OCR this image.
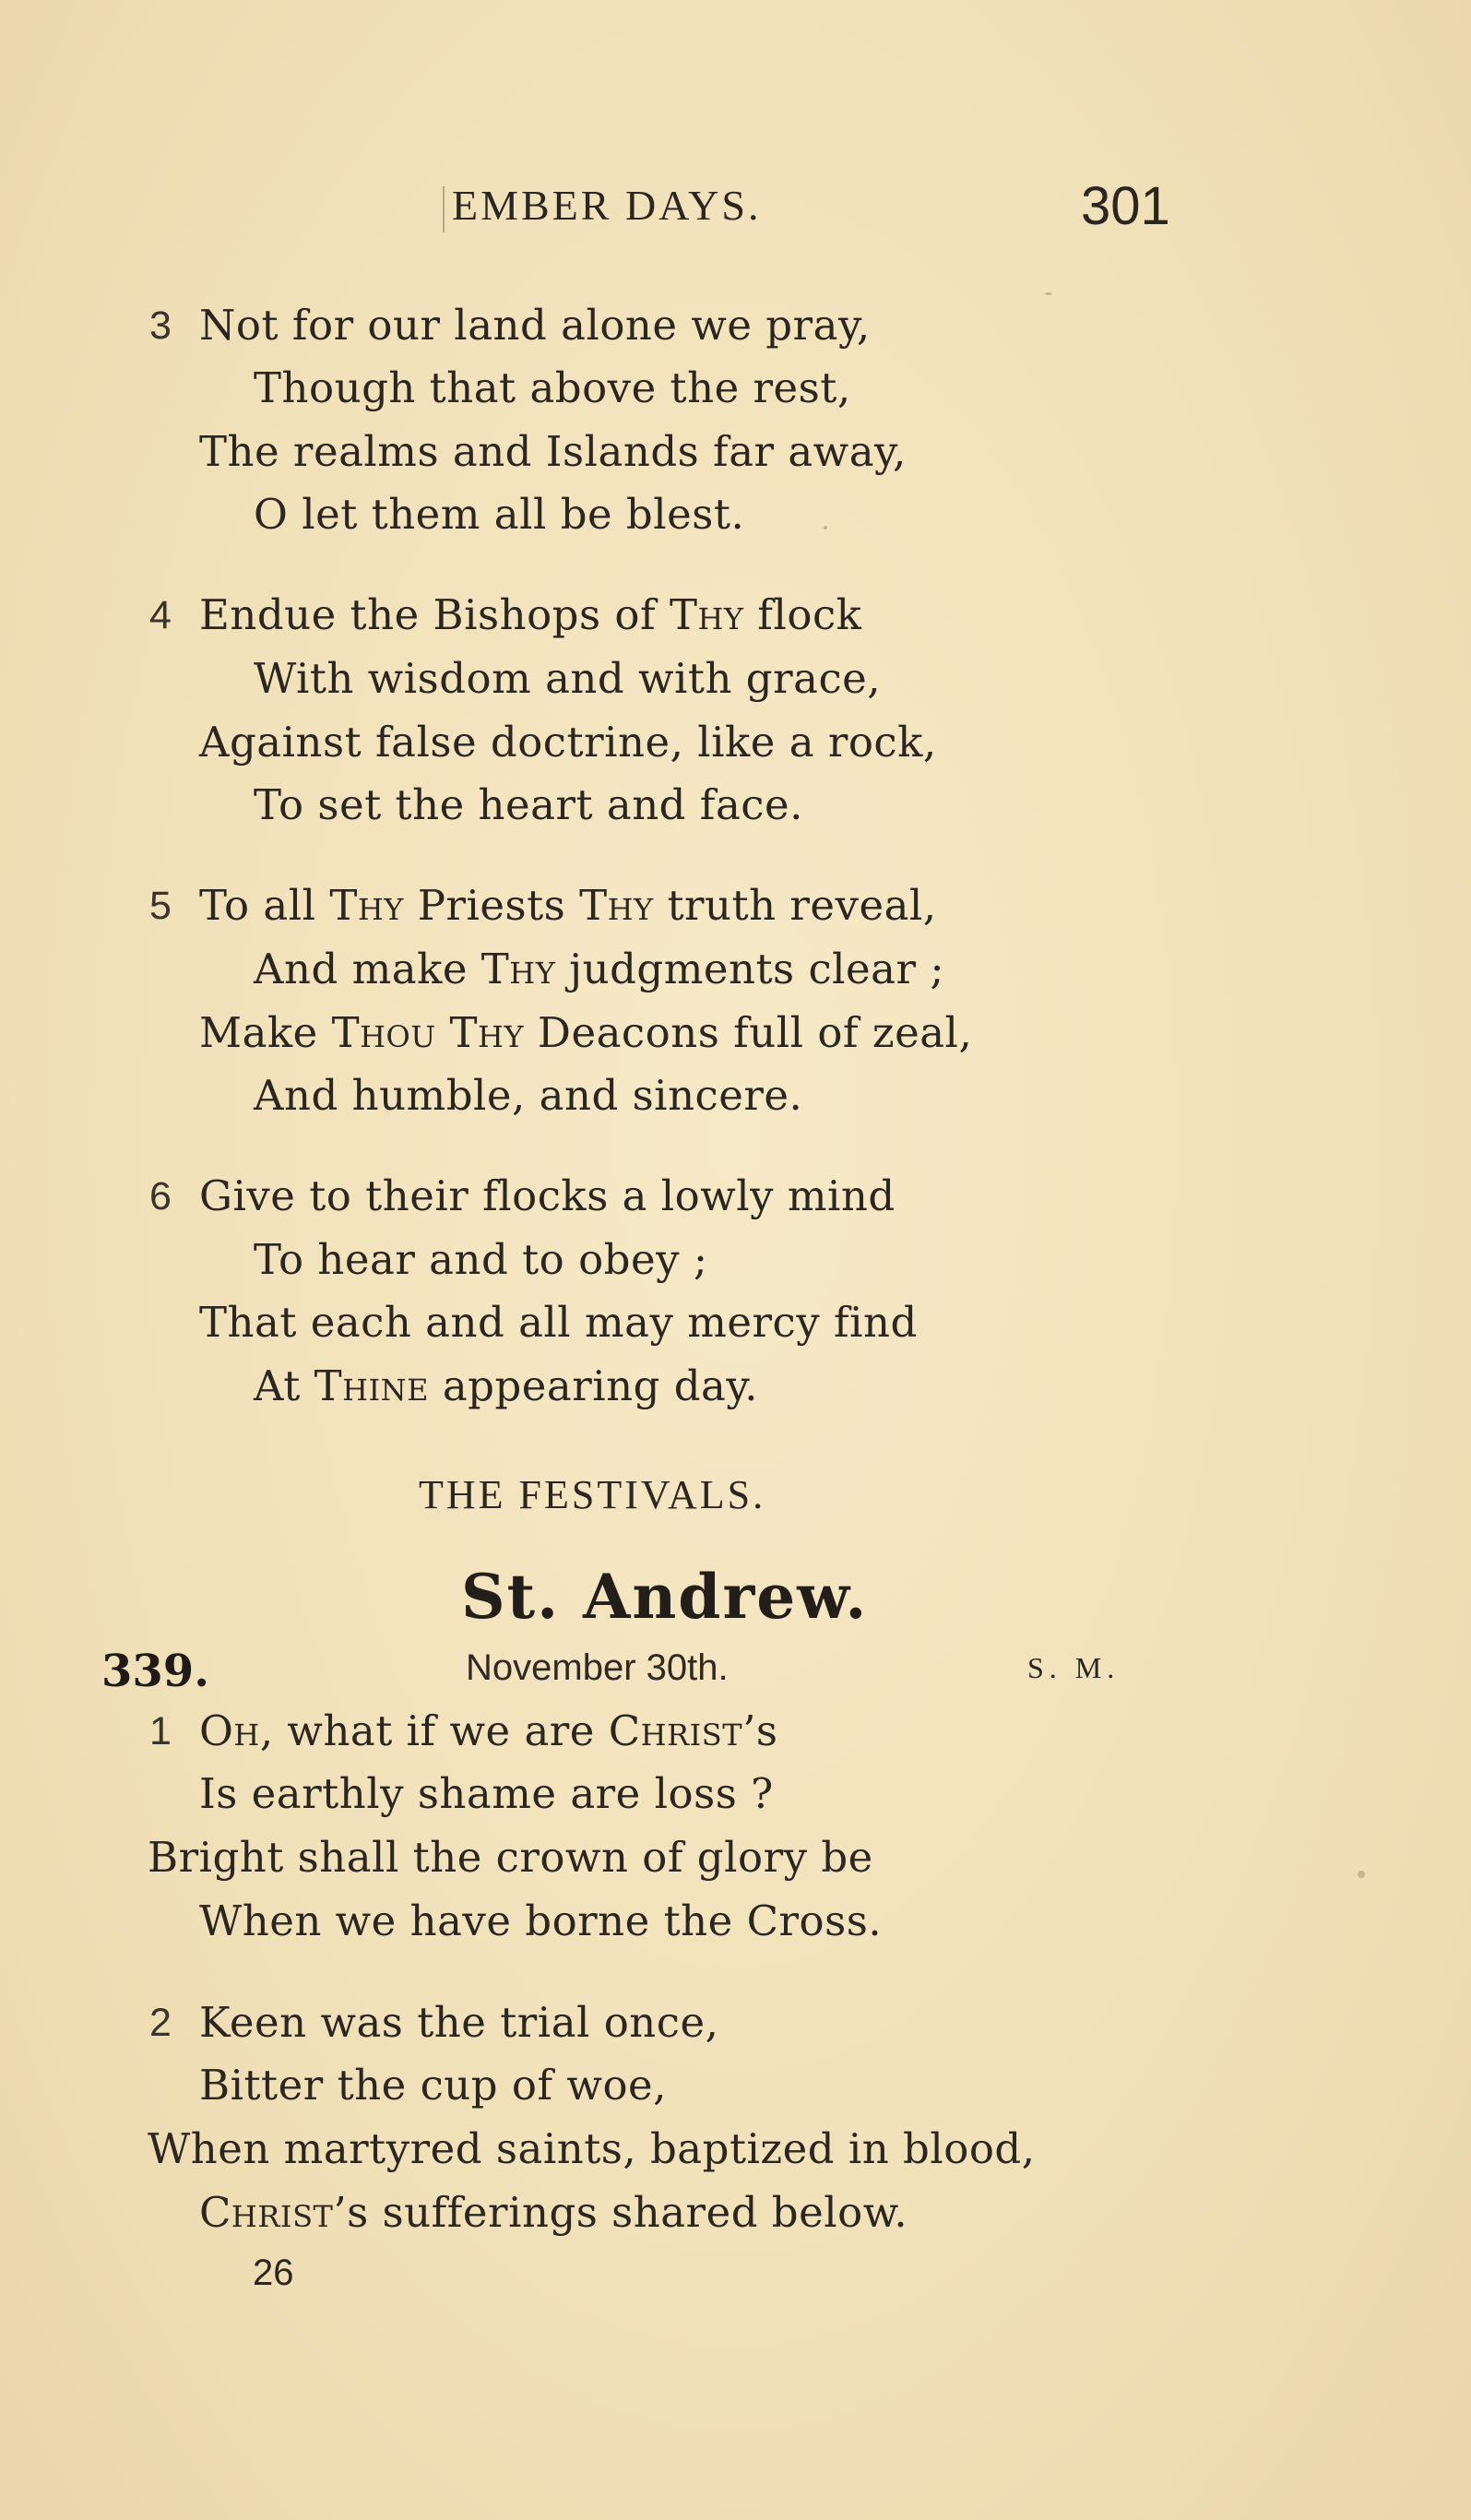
EMBER DAYS.	301
3 Not for our land alone we pray,
Though that above the rest,
The realms and Islands far away,
O let them all be blest.
4 Endue the Bishops of Thy flock
With wisdom and with grace,
Against false doctrine, like a rock,
To set the heart and face.
5 To all Thy Priests Thy truth reveal,
And make Thy judgments clear ;
Make Thou Thy Deacons full of zeal,
And humble, and sincere.
6 Give to their flocks a lowly mind
To hear and to obey ;
That each and all may mercy find
At Thine appearing day.
THE FESTIVALS.
St. Andrew.
339.	November 30th.	S. M.
1 Oh, what if we are Christ’s
Is earthly shame are loss ?
Bright shall the crown of glory be
When we have borne the Cross.
2 Keen was the trial once,
Bitter the cup of woe,
When martyred saints, baptized in blood,
Christ’s sufferings shared below.
26
